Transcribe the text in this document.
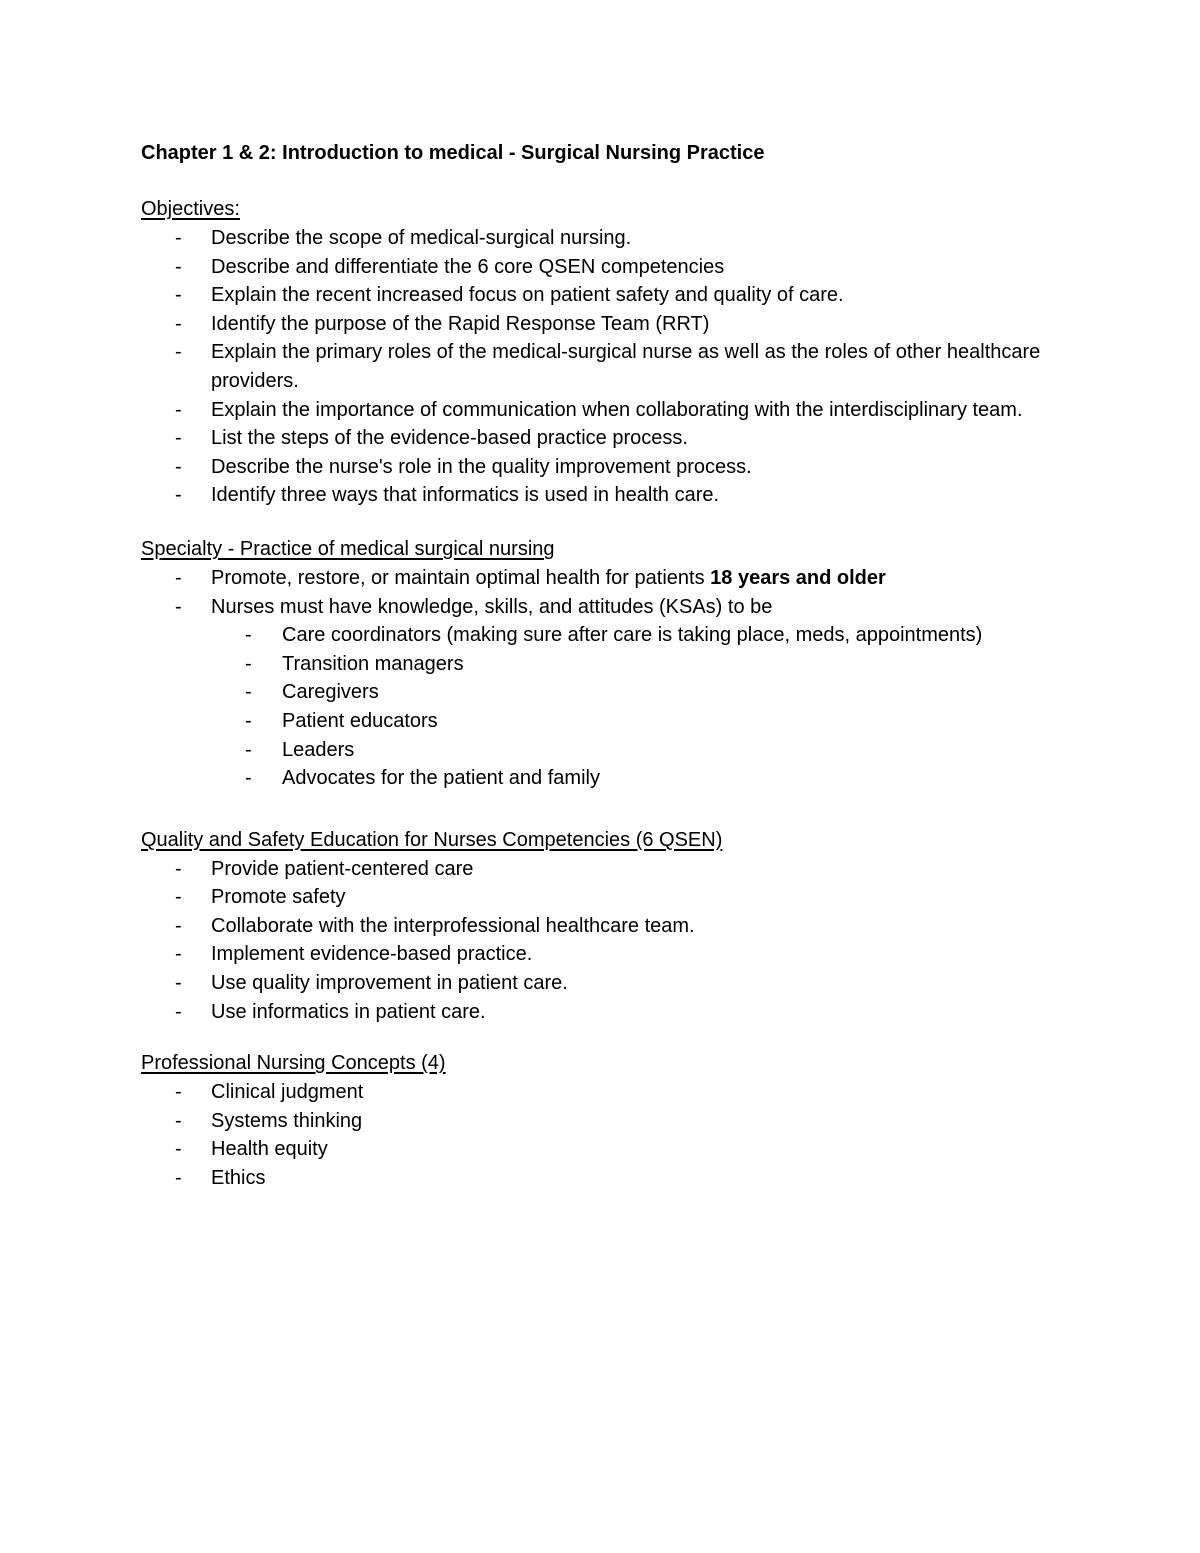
Chapter 1 & 2: Introduction to medical - Surgical Nursing Practice
Objectives:
- Describe the scope of medical-surgical nursing.
- Describe and differentiate the 6 core QSEN competencies
- Explain the recent increased focus on patient safety and quality of care.
- Identify the purpose of the Rapid Response Team (RRT)
- Explain the primary roles of the medical-surgical nurse as well as the roles of other healthcare providers.
- Explain the importance of communication when collaborating with the interdisciplinary team.
- List the steps of the evidence-based practice process.
- Describe the nurse's role in the quality improvement process.
- Identify three ways that informatics is used in health care.
Specialty - Practice of medical surgical nursing
- Promote, restore, or maintain optimal health for patients 18 years and older
- Nurses must have knowledge, skills, and attitudes (KSAs) to be
- Care coordinators (making sure after care is taking place, meds, appointments)
- Transition managers
- Caregivers
- Patient educators
- Leaders
- Advocates for the patient and family
Quality and Safety Education for Nurses Competencies (6 QSEN)
- Provide patient-centered care
- Promote safety
- Collaborate with the interprofessional healthcare team.
- Implement evidence-based practice.
- Use quality improvement in patient care.
- Use informatics in patient care.
Professional Nursing Concepts (4)
- Clinical judgment
- Systems thinking
- Health equity
- Ethics
